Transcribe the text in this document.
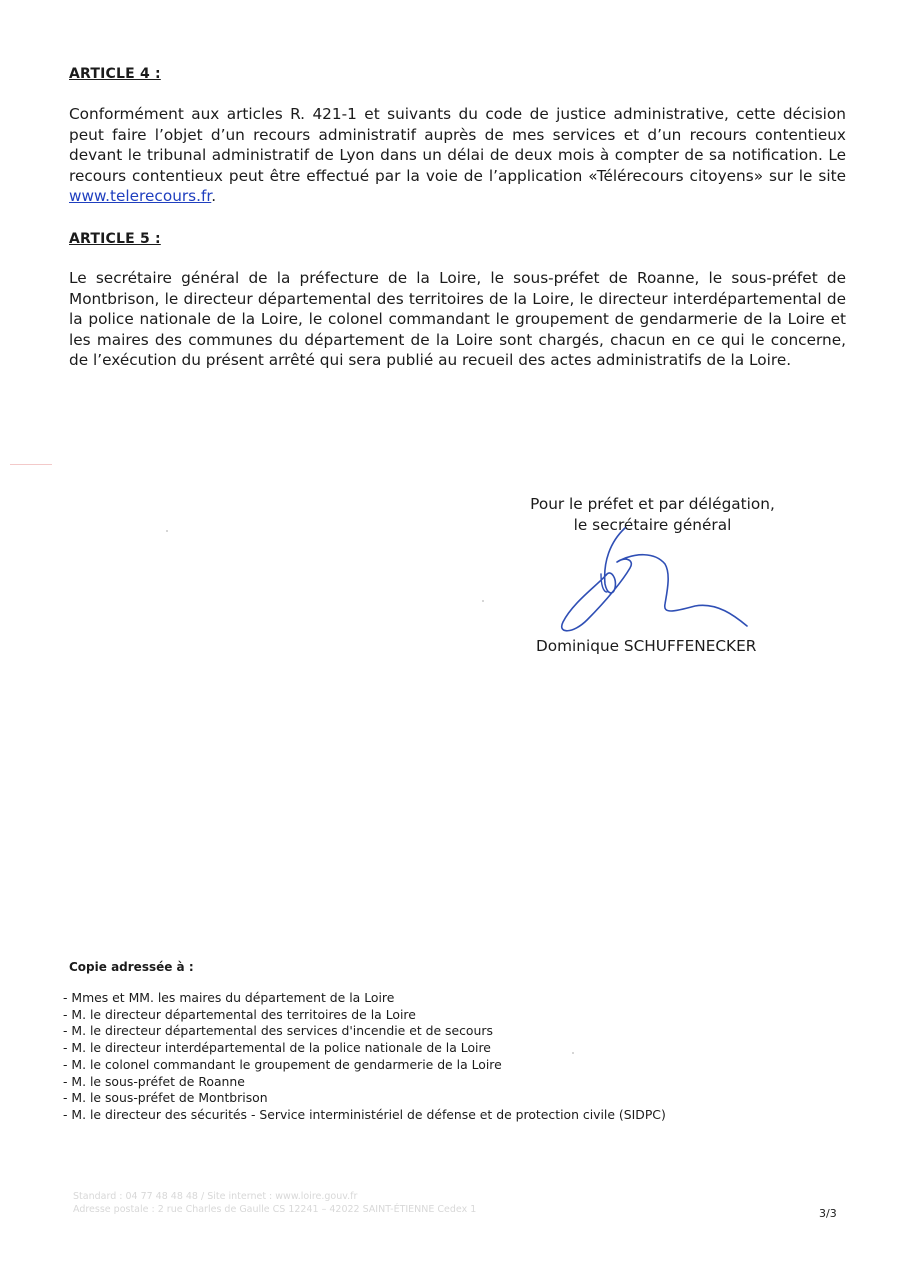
ARTICLE 4 :
Conformément aux articles R. 421-1 et suivants du code de justice administrative, cette décision peut faire l’objet d’un recours administratif auprès de mes services et d’un recours contentieux devant le tribunal administratif de Lyon dans un délai de deux mois à compter de sa notification. Le recours contentieux peut être effectué par la voie de l’application «Télérecours citoyens» sur le site www.telerecours.fr.
ARTICLE 5 :
Le secrétaire général de la préfecture de la Loire, le sous-préfet de Roanne, le sous-préfet de Montbrison, le directeur départemental des territoires de la Loire, le directeur interdépartemental de la police nationale de la Loire, le colonel commandant le groupement de gendarmerie de la Loire et les maires des communes du département de la Loire sont chargés, chacun en ce qui le concerne, de l’exécution du présent arrêté qui sera publié au recueil des actes administratifs de la Loire.
Pour le préfet et par délégation,
le secrétaire général
Dominique SCHUFFENECKER
Copie adressée à :
- Mmes et MM. les maires du département de la Loire
- M. le directeur départemental des territoires de la Loire
- M. le directeur départemental des services d'incendie et de secours
- M. le directeur interdépartemental de la police nationale de la Loire
- M. le colonel commandant le groupement de gendarmerie de la Loire
- M. le sous-préfet de Roanne
- M. le sous-préfet de Montbrison
- M. le directeur des sécurités - Service interministériel de défense et de protection civile (SIDPC)
Standard : 04 77 48 48 48 / Site internet : www.loire.gouv.fr
Adresse postale : 2 rue Charles de Gaulle CS 12241 – 42022 SAINT-ÉTIENNE Cedex 1	3/3
